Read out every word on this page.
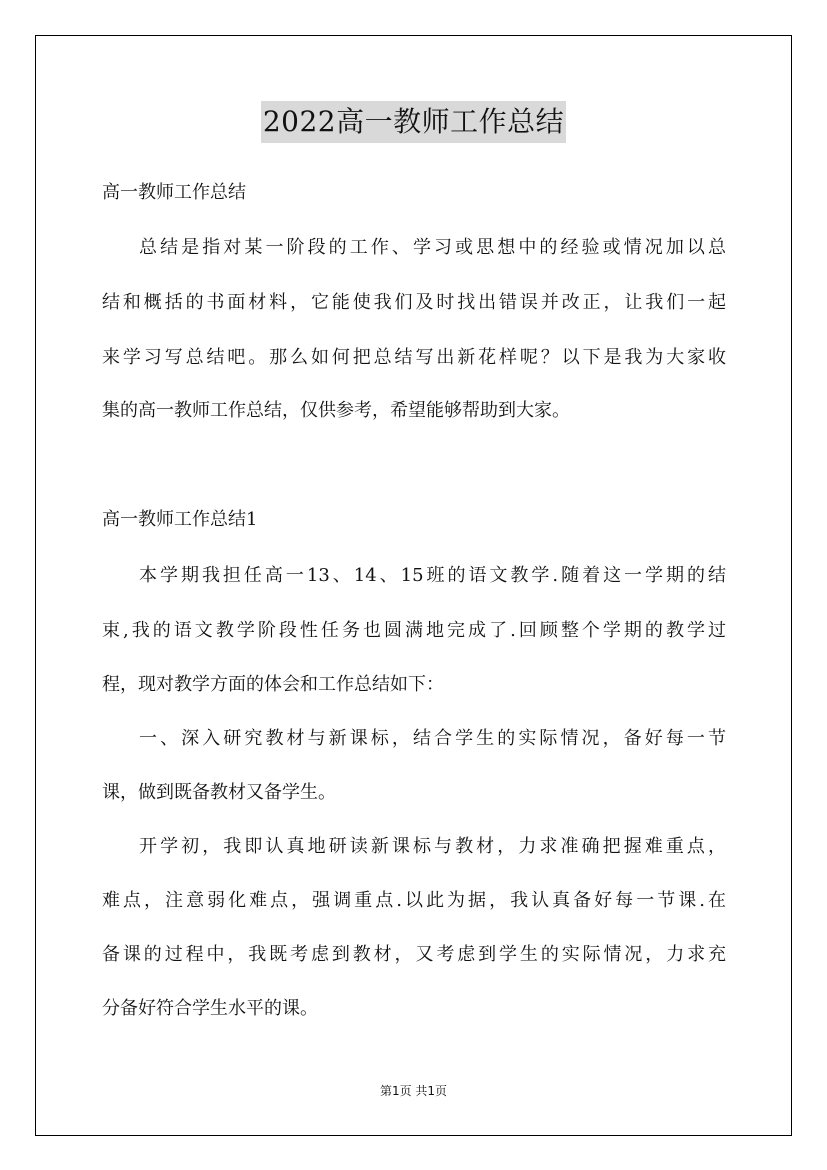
2022高一教师工作总结
高一教师工作总结
总结是指对某一阶段的工作、学习或思想中的经验或情况加以总
结和概括的书面材料，它能使我们及时找出错误并改正，让我们一起
来学习写总结吧。那么如何把总结写出新花样呢？以下是我为大家收
集的高一教师工作总结，仅供参考，希望能够帮助到大家。
高一教师工作总结1
本学期我担任高一13、14、15班的语文教学.随着这一学期的结
束,我的语文教学阶段性任务也圆满地完成了.回顾整个学期的教学过
程，现对教学方面的体会和工作总结如下：
一、深入研究教材与新课标，结合学生的实际情况，备好每一节
课，做到既备教材又备学生。
开学初，我即认真地研读新课标与教材，力求准确把握难重点，
难点，注意弱化难点，强调重点.以此为据，我认真备好每一节课.在
备课的过程中，我既考虑到教材，又考虑到学生的实际情况，力求充
分备好符合学生水平的课。
第1页 共1页
